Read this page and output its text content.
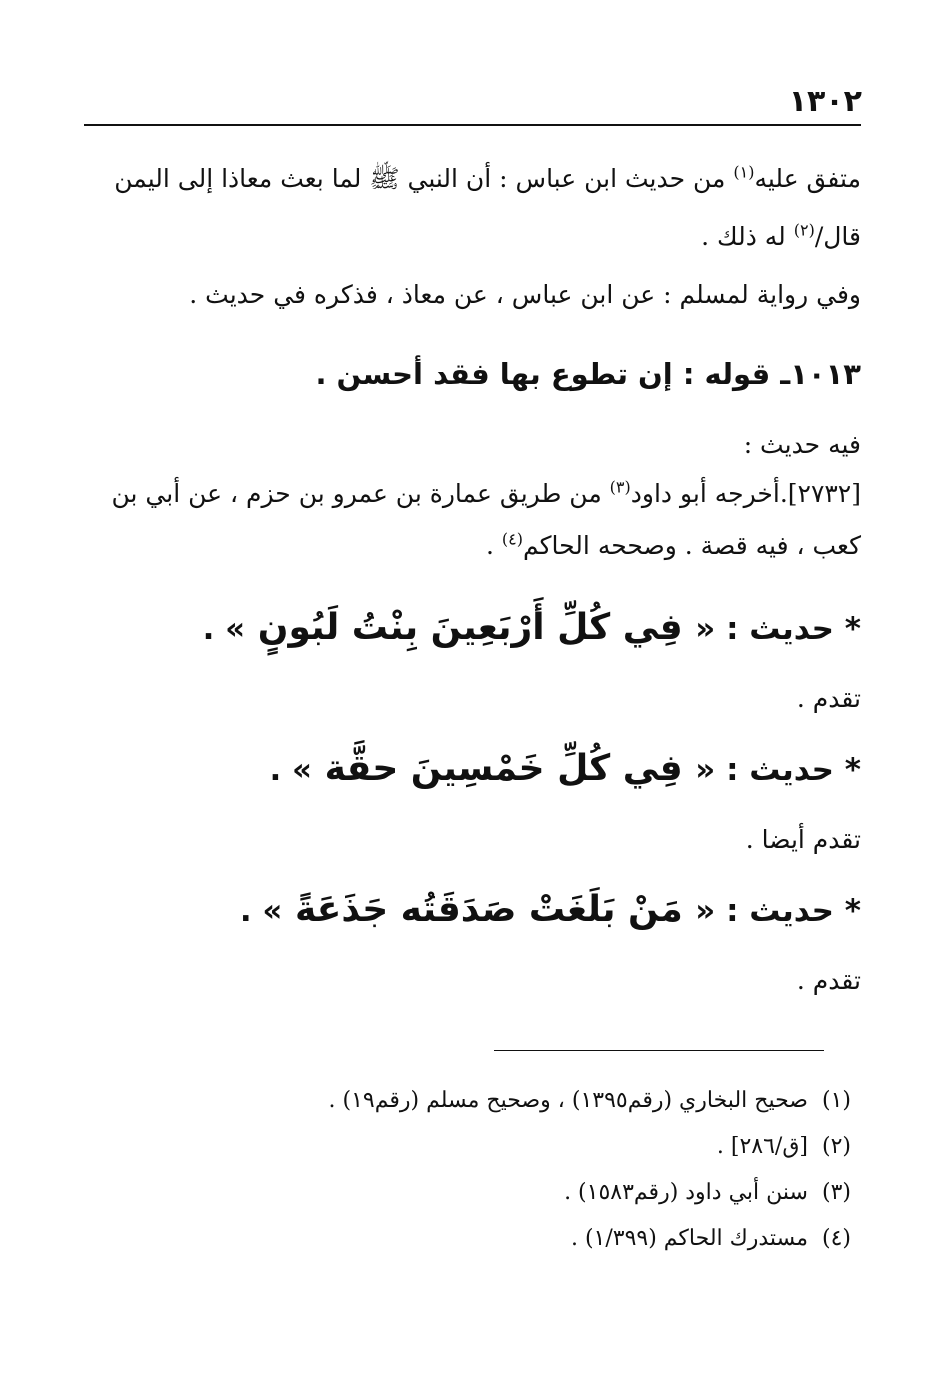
١٣٠٢

متفق عليه$^{(١)}$ من حديث ابن عباس : أن النبي ﷺ لما بعث معاذا إلى اليمن
قال/$^{(٢)}$ له ذلك .

وفي رواية لمسلم : عن ابن عباس ، عن معاذ ، فذكره في حديث .

١٠١٣ـ قوله : إن تطوع بها فقد أحسن .

فيه حديث :

[٢٧٣٢].أخرجه أبو داود$^{(٣)}$ من طريق عمارة بن عمرو بن حزم ، عن أبي بن
كعب ، فيه قصة . وصححه الحاكم$^{(٤)}$ .

* حديث : « فِي كُلِّ أَرْبَعِينَ بِنْتُ لَبُونٍ » .

تقدم .

* حديث : « فِي كُلِّ خَمْسِينَ حقَّة » .

تقدم أيضا .

* حديث : « مَنْ بَلَغَتْ صَدَقَتُه جَذَعَةً » .

تقدم .

(١)
صحيح البخاري (رقم١٣٩٥) ، وصحيح مسلم (رقم١٩) .
(٢)
[ق/٢٨٦] .
(٣)
سنن أبي داود (رقم١٥٨٣) .
(٤)
مستدرك الحاكم (١/٣٩٩) .
